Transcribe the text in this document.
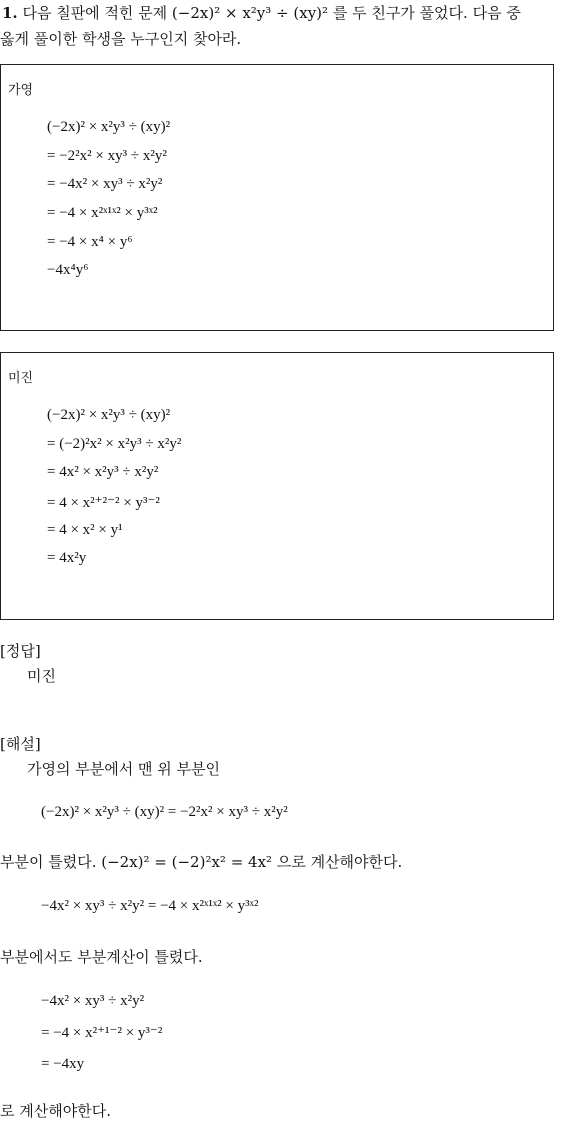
1. 다음 칠판에 적힌 문제 (−2x)² × x²y³ ÷ (xy)² 를 두 친구가 풀었다. 다음 중
옳게 풀이한 학생을 누구인지 찾아라.
가영
(−2x)² × x²y³ ÷ (xy)²
= −2²x² × xy³ ÷ x²y²
= −4x² × xy³ ÷ x²y²
= −4 × x²ˣ¹ˣ² × y³ˣ²
= −4 × x⁴ × y⁶
−4x⁴y⁶
미진
(−2x)² × x²y³ ÷ (xy)²
= (−2)²x² × x²y³ ÷ x²y²
= 4x² × x²y³ ÷ x²y²
= 4 × x²⁺²⁻² × y³⁻²
= 4 × x² × y¹
= 4x²y
[정답]
미진
[해설]
가영의 부분에서 맨 위 부분인
(−2x)² × x²y³ ÷ (xy)² = −2²x² × xy³ ÷ x²y²
부분이 틀렸다. (−2x)² = (−2)²x² = 4x² 으로 계산해야한다.
−4x² × xy³ ÷ x²y² = −4 × x²ˣ¹ˣ² × y³ˣ²
부분에서도 부분계산이 틀렸다.
−4x² × xy³ ÷ x²y²
= −4 × x²⁺¹⁻² × y³⁻²
= −4xy
로 계산해야한다.
